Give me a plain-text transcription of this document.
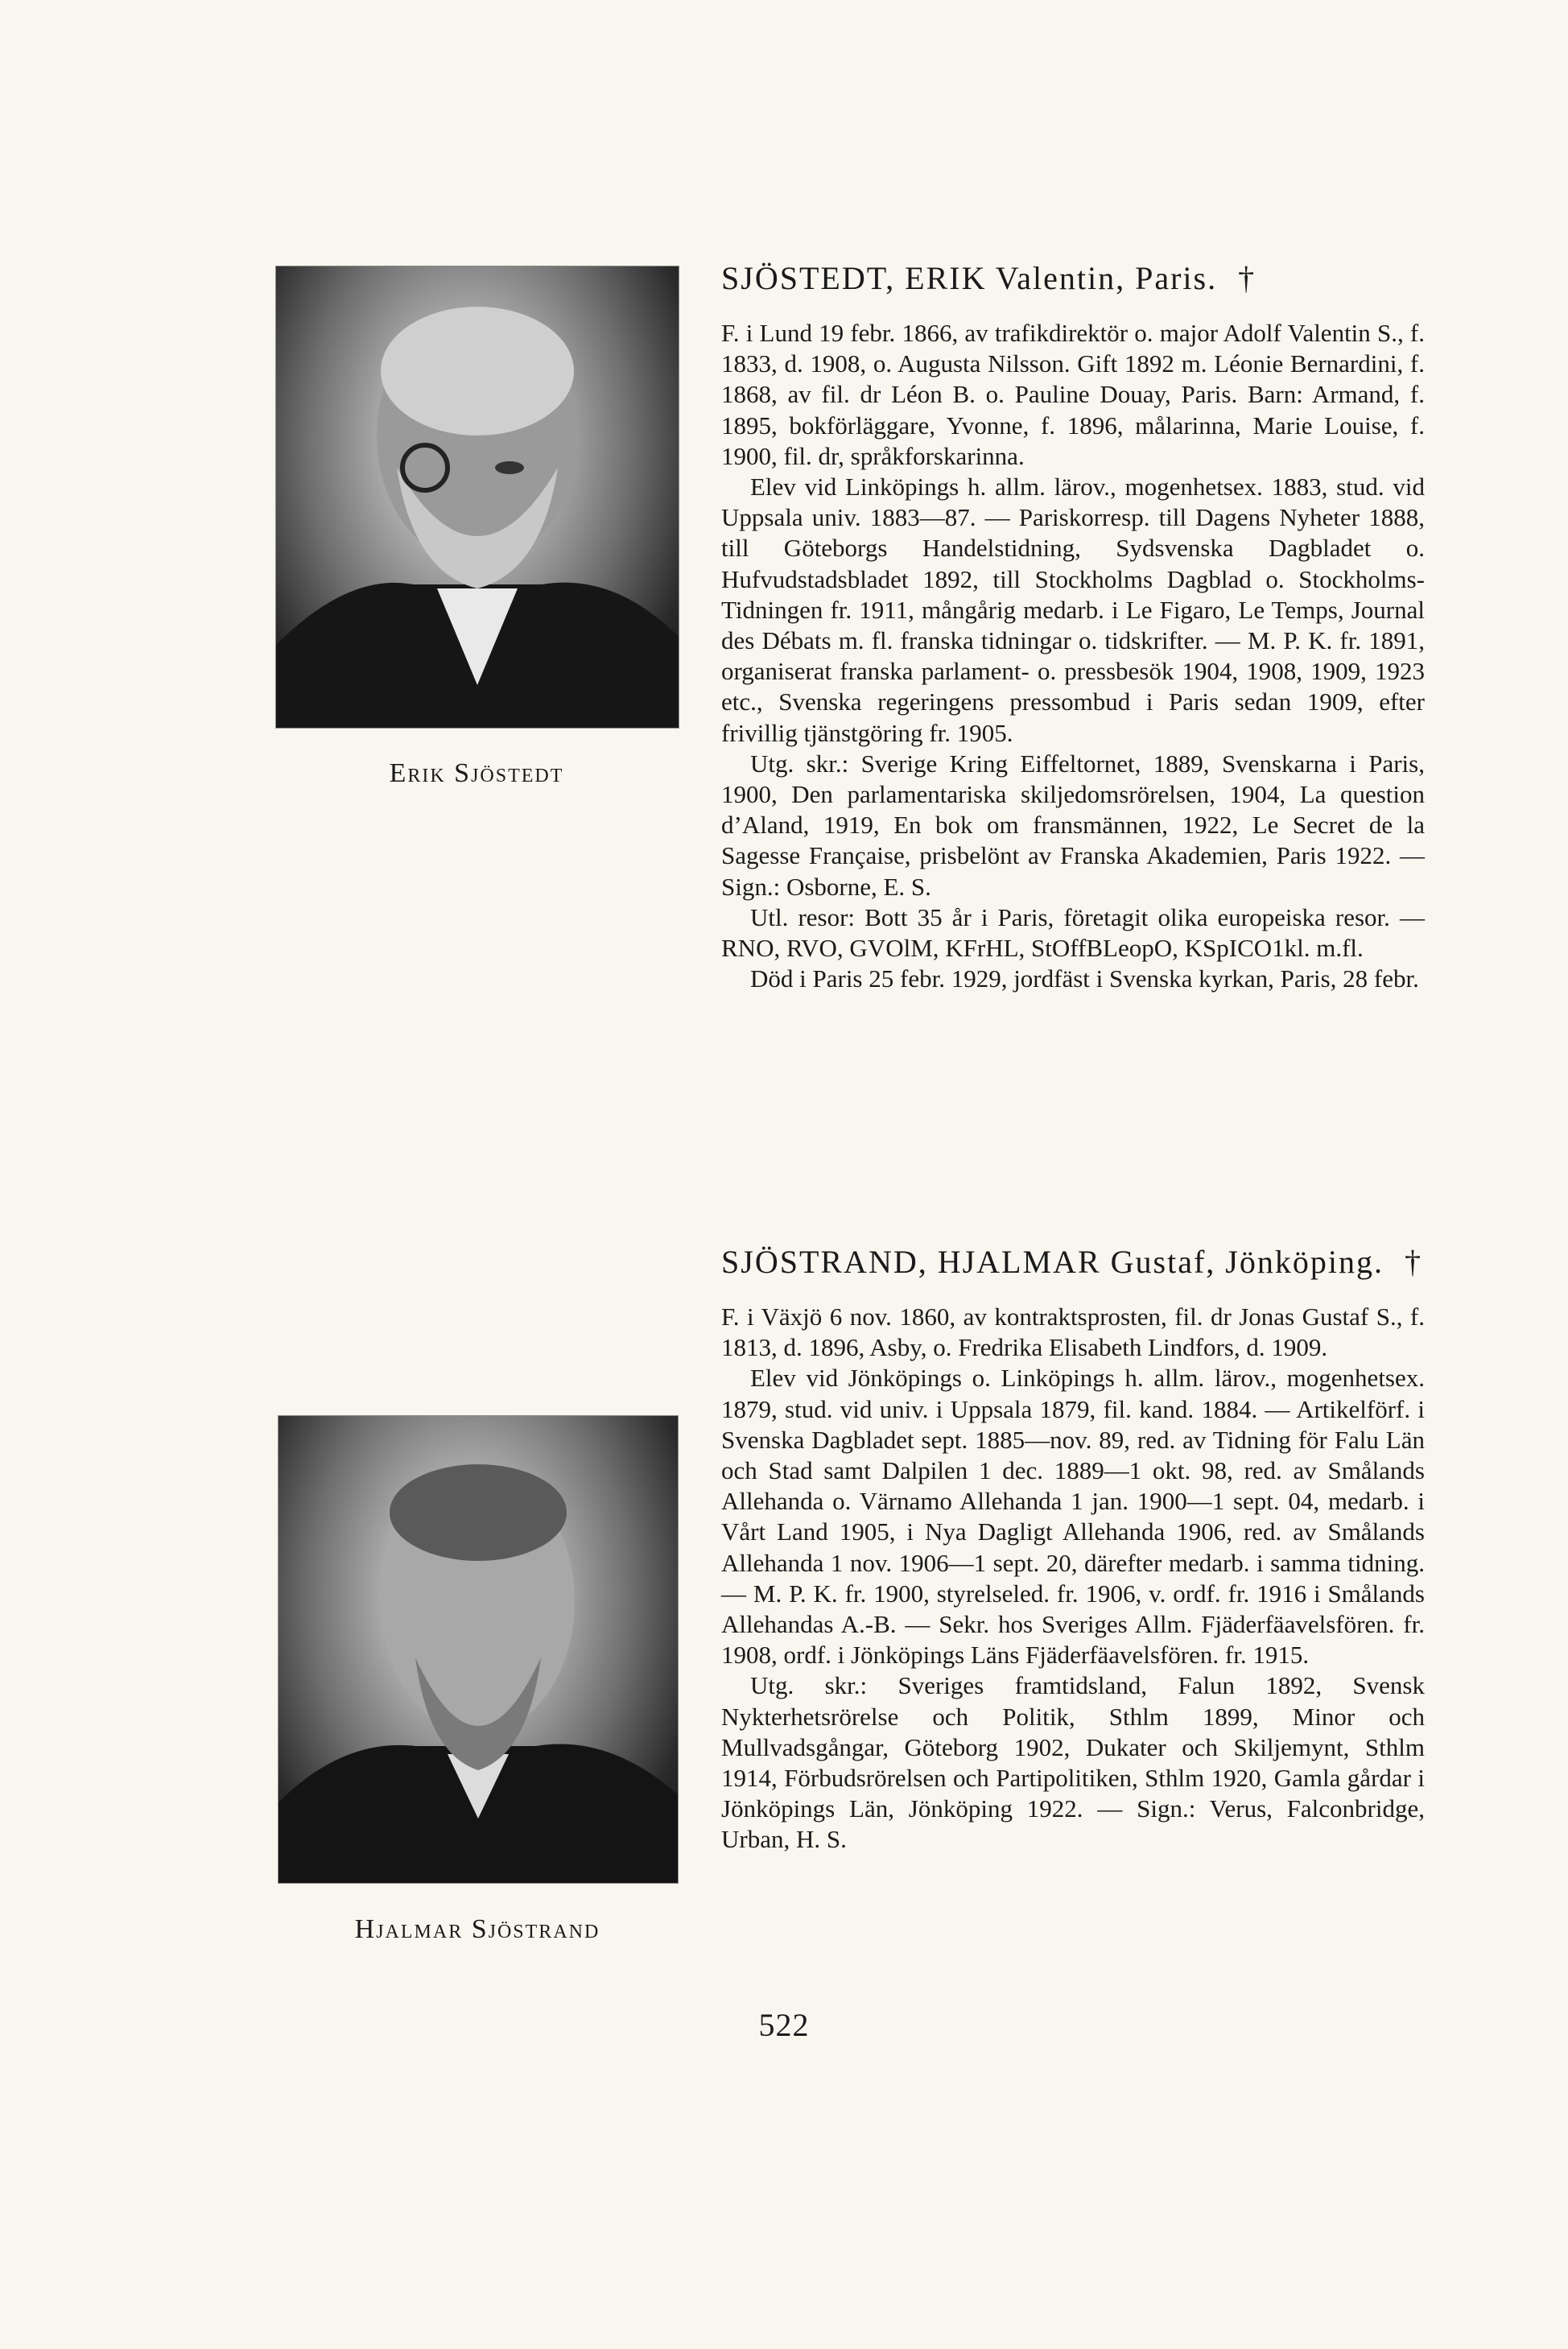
Erik Sjöstedt
SJÖSTEDT, ERIK Valentin, Paris. †

F. i Lund 19 febr. 1866, av trafikdirektör o. major Adolf Valentin S., f. 1833, d. 1908, o. Augusta Nilsson. Gift 1892 m. Léonie Bernardini, f. 1868, av fil. dr Léon B. o. Pauline Douay, Paris. Barn: Armand, f. 1895, bokförläggare, Yvonne, f. 1896, målarinna, Marie Louise, f. 1900, fil. dr, språkforskarinna.

Elev vid Linköpings h. allm. lärov., mogenhetsex. 1883, stud. vid Uppsala univ. 1883—87. — Pariskorresp. till Dagens Nyheter 1888, till Göteborgs Handelstidning, Sydsvenska Dagbladet o. Hufvudstadsbladet 1892, till Stockholms Dagblad o. Stockholms-Tidningen fr. 1911, mångårig medarb. i Le Figaro, Le Temps, Journal des Débats m. fl. franska tidningar o. tidskrifter. — M. P. K. fr. 1891, organiserat franska parlament- o. pressbesök 1904, 1908, 1909, 1923 etc., Svenska regeringens pressombud i Paris sedan 1909, efter frivillig tjänstgöring fr. 1905.

Utg. skr.: Sverige Kring Eiffeltornet, 1889, Svenskarna i Paris, 1900, Den parlamentariska skiljedomsrörelsen, 1904, La question d’Aland, 1919, En bok om fransmännen, 1922, Le Secret de la Sagesse Française, prisbelönt av Franska Akademien, Paris 1922. — Sign.: Osborne, E. S.

Utl. resor: Bott 35 år i Paris, företagit olika europeiska resor. — RNO, RVO, GVOlM, KFrHL, StOffBLeopO, KSpICO1kl. m.fl.

Död i Paris 25 febr. 1929, jordfäst i Svenska kyrkan, Paris, 28 febr.

Hjalmar Sjöstrand
SJÖSTRAND, HJALMAR Gustaf, Jönköping. †

F. i Växjö 6 nov. 1860, av kontraktsprosten, fil. dr Jonas Gustaf S., f. 1813, d. 1896, Asby, o. Fredrika Elisabeth Lindfors, d. 1909.

Elev vid Jönköpings o. Linköpings h. allm. lärov., mogenhetsex. 1879, stud. vid univ. i Uppsala 1879, fil. kand. 1884. — Artikelförf. i Svenska Dagbladet sept. 1885—nov. 89, red. av Tidning för Falu Län och Stad samt Dalpilen 1 dec. 1889—1 okt. 98, red. av Smålands Allehanda o. Värnamo Allehanda 1 jan. 1900—1 sept. 04, medarb. i Vårt Land 1905, i Nya Dagligt Allehanda 1906, red. av Smålands Allehanda 1 nov. 1906—1 sept. 20, därefter medarb. i samma tidning. — M. P. K. fr. 1900, styrelseled. fr. 1906, v. ordf. fr. 1916 i Smålands Allehandas A.-B. — Sekr. hos Sveriges Allm. Fjäderfäavelsfören. fr. 1908, ordf. i Jönköpings Läns Fjäderfäavelsfören. fr. 1915.

Utg. skr.: Sveriges framtidsland, Falun 1892, Svensk Nykterhetsrörelse och Politik, Sthlm 1899, Minor och Mullvadsgångar, Göteborg 1902, Dukater och Skiljemynt, Sthlm 1914, Förbudsrörelsen och Partipolitiken, Sthlm 1920, Gamla gårdar i Jönköpings Län, Jönköping 1922. — Sign.: Verus, Falconbridge, Urban, H. S.

522
